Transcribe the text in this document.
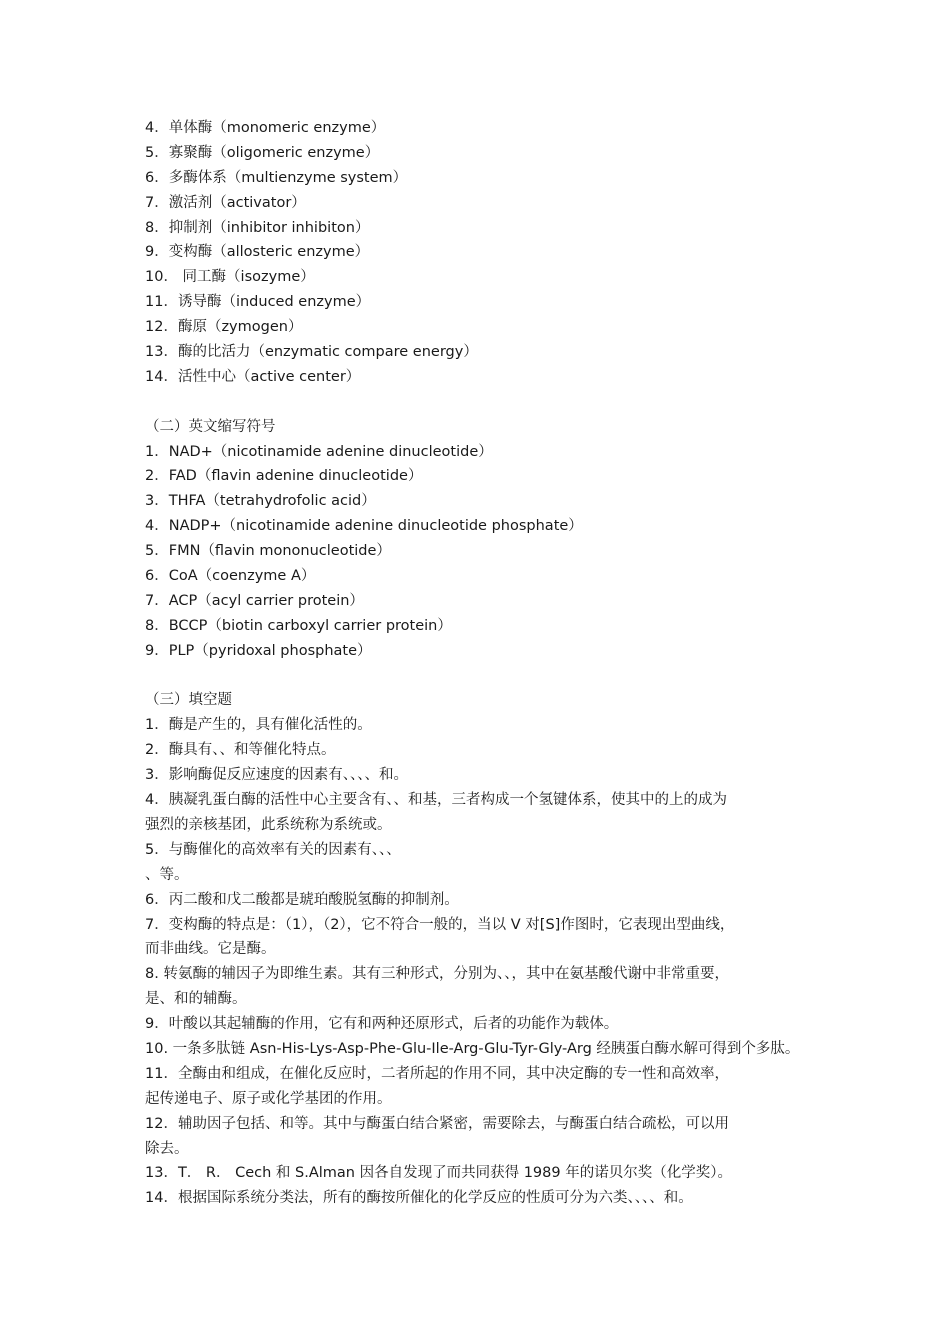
4．单体酶（monomeric enzyme）
5．寡聚酶（oligomeric enzyme）
6．多酶体系（multienzyme system）
7．激活剂（activator）
8．抑制剂（inhibitor inhibiton）
9．变构酶（allosteric enzyme）
10． 同工酶（isozyme）
11．诱导酶（induced enzyme）
12．酶原（zymogen）
13．酶的比活力（enzymatic compare energy）
14．活性中心（active center）
（二）英文缩写符号
1．NAD+（nicotinamide adenine dinucleotide）
2．FAD（flavin adenine dinucleotide）
3．THFA（tetrahydrofolic acid）
4．NADP+（nicotinamide adenine dinucleotide phosphate）
5．FMN（flavin mononucleotide）
6．CoA（coenzyme A）
7．ACP（acyl carrier protein）
8．BCCP（biotin carboxyl carrier protein）
9．PLP（pyridoxal phosphate）
（三）填空题
1．酶是产生的，具有催化活性的。
2．酶具有、、和等催化特点。
3．影响酶促反应速度的因素有、、、、和。
4．胰凝乳蛋白酶的活性中心主要含有、、和基，三者构成一个氢键体系，使其中的上的成为
强烈的亲核基团，此系统称为系统或。
5．与酶催化的高效率有关的因素有、、、
、等。
6．丙二酸和戊二酸都是琥珀酸脱氢酶的抑制剂。
7．变构酶的特点是：（1），（2），它不符合一般的，当以 V 对[S]作图时，它表现出型曲线，
而非曲线。它是酶。
8. 转氨酶的辅因子为即维生素。其有三种形式，分别为、、，其中在氨基酸代谢中非常重要，
是、和的辅酶。
9．叶酸以其起辅酶的作用，它有和两种还原形式，后者的功能作为载体。
10. 一条多肽链 Asn-His-Lys-Asp-Phe-Glu-Ile-Arg-Glu-Tyr-Gly-Arg 经胰蛋白酶水解可得到个多肽。
11．全酶由和组成，在催化反应时，二者所起的作用不同，其中决定酶的专一性和高效率，
起传递电子、原子或化学基团的作用。
12．辅助因子包括、和等。其中与酶蛋白结合紧密，需要除去，与酶蛋白结合疏松，可以用
除去。
13．T． R． Cech 和 S.Alman 因各自发现了而共同获得 1989 年的诺贝尔奖（化学奖）。
14．根据国际系统分类法，所有的酶按所催化的化学反应的性质可分为六类、、、、和。
